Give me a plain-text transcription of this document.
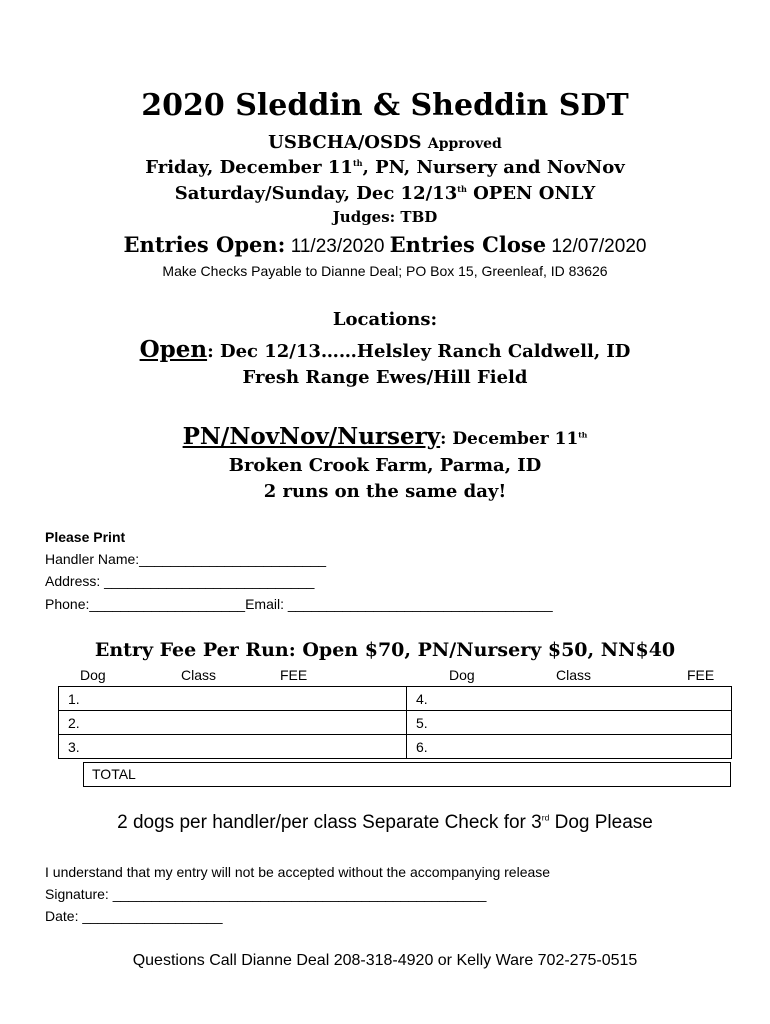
2020 Sleddin & Sheddin SDT
USBCHA/OSDS Approved
Friday, December 11th, PN, Nursery and NovNov
Saturday/Sunday, Dec 12/13th OPEN ONLY
Judges: TBD
Entries Open: 11/23/2020 Entries Close 12/07/2020
Make Checks Payable to Dianne Deal; PO Box 15, Greenleaf, ID 83626
Locations:
Open: Dec 12/13……Helsley Ranch Caldwell, ID
Fresh Range Ewes/Hill Field
PN/NovNov/Nursery: December 11th
Broken Crook Farm, Parma, ID
2 runs on the same day!
Please Print
Handler Name:________________________
Address: ___________________________
Phone:____________________Email: __________________________________
Entry Fee Per Run: Open $70, PN/Nursery $50, NN$40
Dog	Class	FEE	Dog	Class	FEE
1.	4.
2.	5.
3.	6.
TOTAL
2 dogs per handler/per class Separate Check for 3rd Dog Please
I understand that my entry will not be accepted without the accompanying release
Signature: ________________________________________________
Date: __________________
Questions Call Dianne Deal 208-318-4920 or Kelly Ware 702-275-0515
